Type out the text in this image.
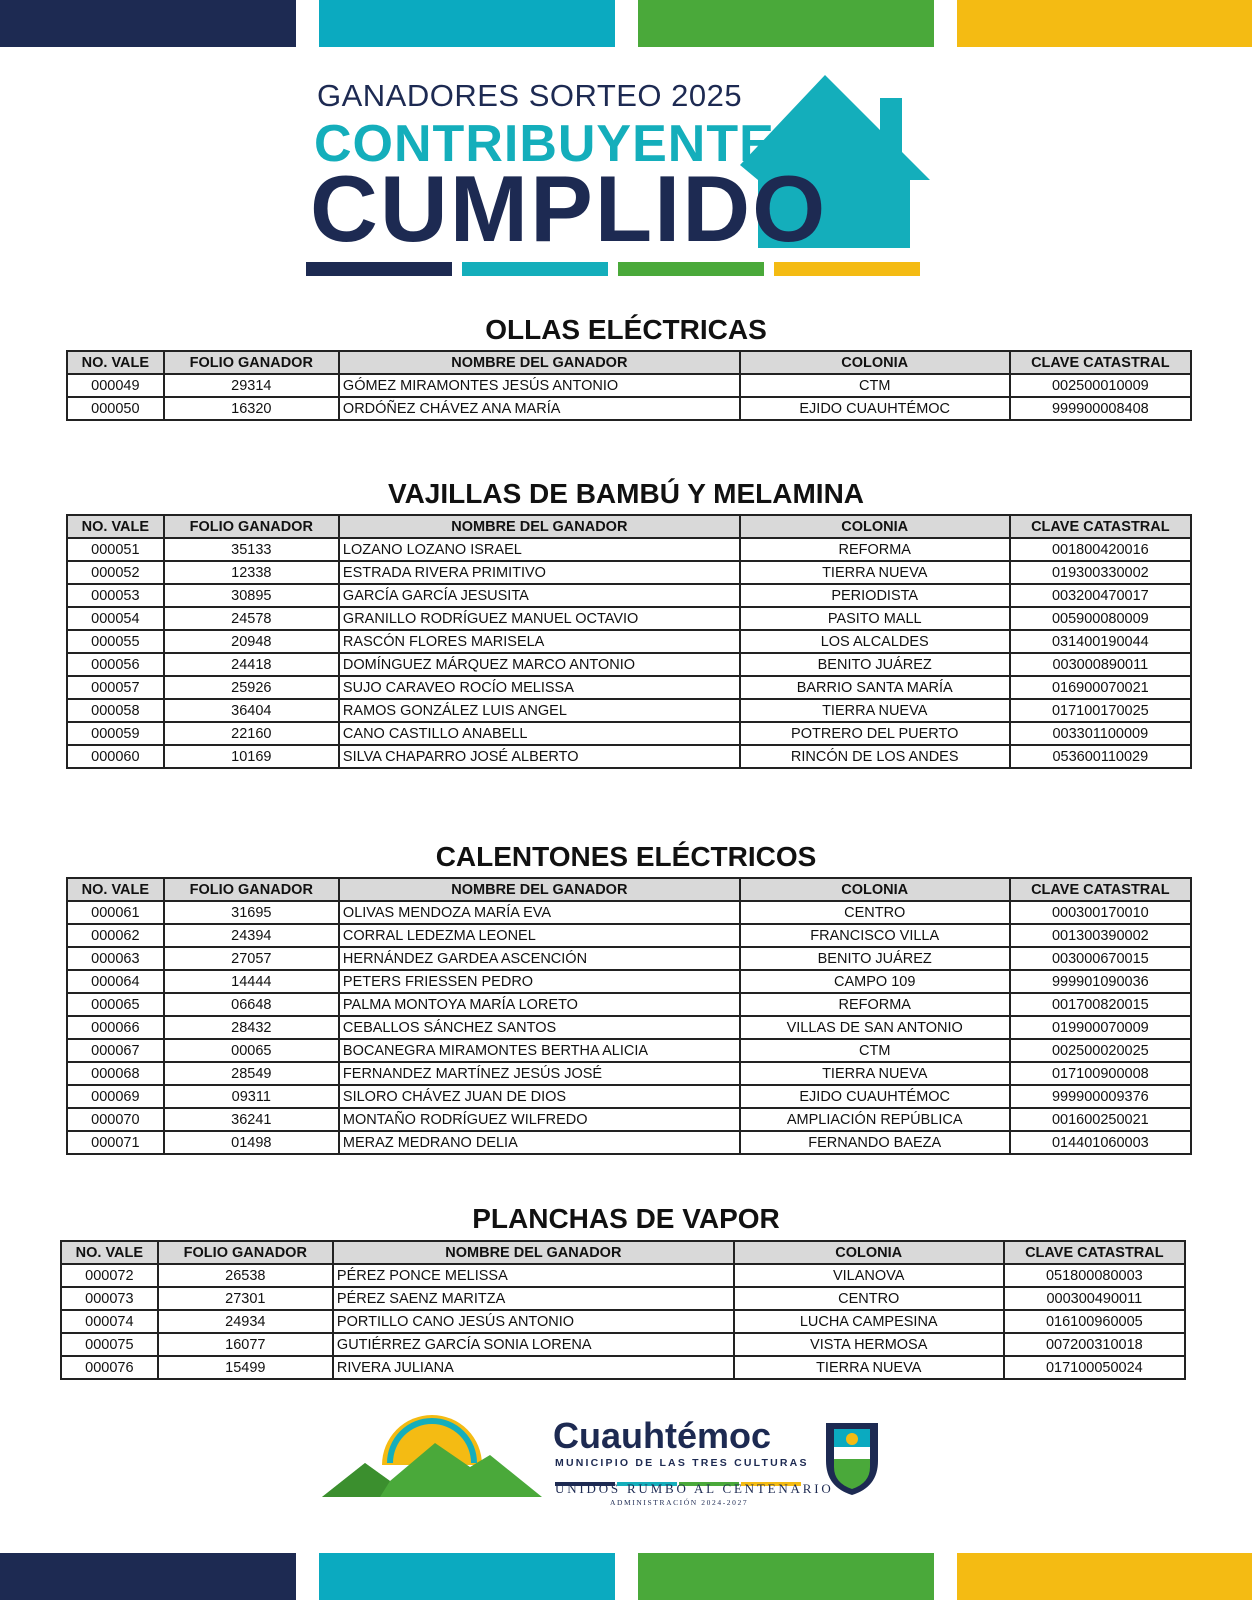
GANADORES SORTEO 2025
CONTRIBUYENTE
CUMPLIDO
OLLAS ELÉCTRICAS
VAJILLAS DE BAMBÚ Y MELAMINA
CALENTONES ELÉCTRICOS
PLANCHAS DE VAPOR
NO. VALE	FOLIO GANADOR	NOMBRE DEL GANADOR	COLONIA	CLAVE CATASTRAL
000049	29314	GÓMEZ MIRAMONTES JESÚS ANTONIO	CTM	002500010009
000050	16320	ORDÓÑEZ CHÁVEZ ANA MARÍA	EJIDO CUAUHTÉMOC	999900008408
NO. VALE	FOLIO GANADOR	NOMBRE DEL GANADOR	COLONIA	CLAVE CATASTRAL
000051	35133	LOZANO LOZANO ISRAEL	REFORMA	001800420016
000052	12338	ESTRADA RIVERA PRIMITIVO	TIERRA NUEVA	019300330002
000053	30895	GARCÍA GARCÍA JESUSITA	PERIODISTA	003200470017
000054	24578	GRANILLO RODRÍGUEZ MANUEL OCTAVIO	PASITO MALL	005900080009
000055	20948	RASCÓN FLORES MARISELA	LOS ALCALDES	031400190044
000056	24418	DOMÍNGUEZ MÁRQUEZ MARCO ANTONIO	BENITO JUÁREZ	003000890011
000057	25926	SUJO CARAVEO ROCÍO MELISSA	BARRIO SANTA MARÍA	016900070021
000058	36404	RAMOS GONZÁLEZ LUIS ANGEL	TIERRA NUEVA	017100170025
000059	22160	CANO CASTILLO ANABELL	POTRERO DEL PUERTO	003301100009
000060	10169	SILVA CHAPARRO JOSÉ ALBERTO	RINCÓN DE LOS ANDES	053600110029
NO. VALE	FOLIO GANADOR	NOMBRE DEL GANADOR	COLONIA	CLAVE CATASTRAL
000061	31695	OLIVAS MENDOZA MARÍA EVA	CENTRO	000300170010
000062	24394	CORRAL LEDEZMA LEONEL	FRANCISCO VILLA	001300390002
000063	27057	HERNÁNDEZ GARDEA ASCENCIÓN	BENITO JUÁREZ	003000670015
000064	14444	PETERS FRIESSEN PEDRO	CAMPO 109	999901090036
000065	06648	PALMA MONTOYA MARÍA LORETO	REFORMA	001700820015
000066	28432	CEBALLOS SÁNCHEZ SANTOS	VILLAS DE SAN ANTONIO	019900070009
000067	00065	BOCANEGRA MIRAMONTES BERTHA ALICIA	CTM	002500020025
000068	28549	FERNANDEZ MARTÍNEZ JESÚS JOSÉ	TIERRA NUEVA	017100900008
000069	09311	SILORO CHÁVEZ JUAN DE DIOS	EJIDO CUAUHTÉMOC	999900009376
000070	36241	MONTAÑO RODRÍGUEZ WILFREDO	AMPLIACIÓN REPÚBLICA	001600250021
000071	01498	MERAZ MEDRANO DELIA	FERNANDO BAEZA	014401060003
NO. VALE	FOLIO GANADOR	NOMBRE DEL GANADOR	COLONIA	CLAVE CATASTRAL
000072	26538	PÉREZ PONCE MELISSA	VILANOVA	051800080003
000073	27301	PÉREZ SAENZ MARITZA	CENTRO	000300490011
000074	24934	PORTILLO CANO JESÚS ANTONIO	LUCHA CAMPESINA	016100960005
000075	16077	GUTIÉRREZ GARCÍA SONIA LORENA	VISTA HERMOSA	007200310018
000076	15499	RIVERA JULIANA	TIERRA NUEVA	017100050024
Cuauhtémoc
MUNICIPIO DE LAS TRES CULTURAS
UNIDOS RUMBO AL CENTENARIO
ADMINISTRACIÓN 2024-2027
